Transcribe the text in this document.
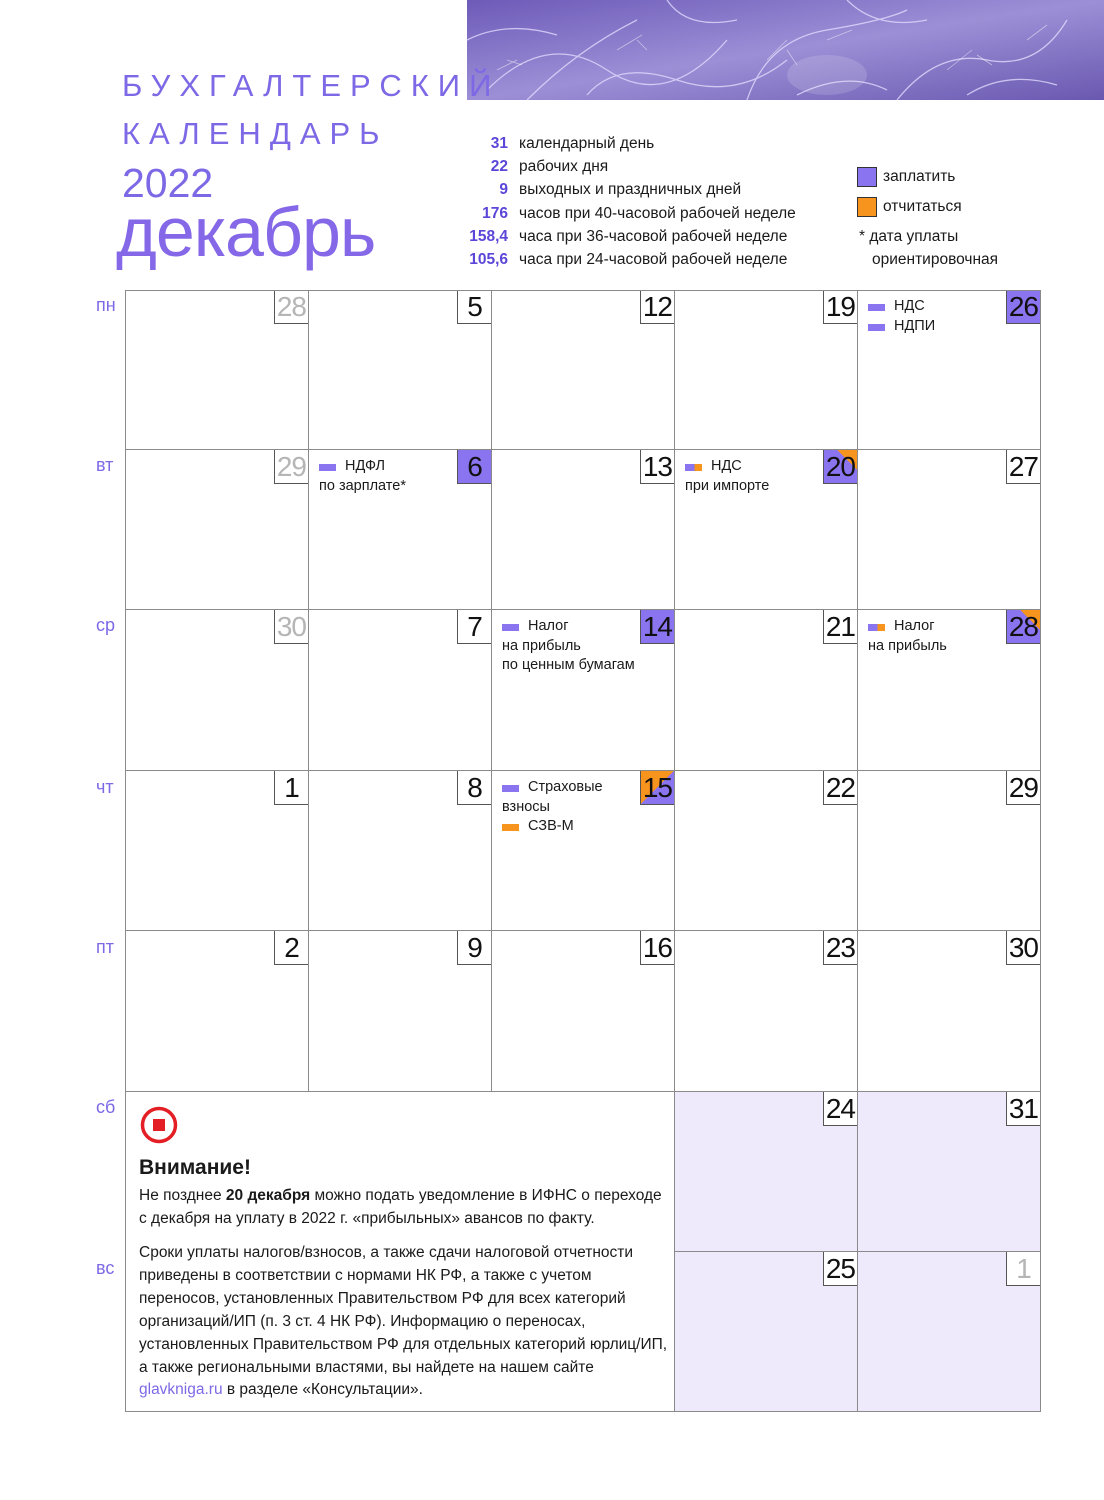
БУХГАЛТЕРСКИЙ
КАЛЕНДАРЬ
2022
декабрь
31 календарный день
22 рабочих дня
9 выходных и праздничных дней
176 часов при 40-часовой рабочей неделе
158,4 часа при 36-часовой рабочей неделе
105,6 часа при 24-часовой рабочей неделе
заплатить
отчитаться
* дата уплаты
ориентировочная
пн
вт
ср
чт
пт
сб
вс
28
29
30
1
2
5
НДФЛ
по зарплате*
6
7
8
9
12
13
Налог
на прибыль
по ценным бумагам
14
Страховые
взносы
СЗВ-М
15
16
19
НДС
при импорте
20
21
22
23
24
25
НДС
НДПИ
26
27
Налог
на прибыль
28
29
30
31
1
Внимание!
Не позднее 20 декабря можно подать уведомление в ИФНС о переходе с декабря на уплату в 2022 г. «прибыльных» авансов по факту.
Сроки уплаты налогов/взносов, а также сдачи налоговой отчетности приведены в соответствии с нормами НК РФ, а также с учетом переносов, установленных Правительством РФ для всех категорий организаций/ИП (п. 3 ст. 4 НК РФ). Информацию о переносах, установленных Правительством РФ для отдельных категорий юрлиц/ИП, а также региональными властями, вы найдете на нашем сайте glavkniga.ru в разделе «Консультации».
